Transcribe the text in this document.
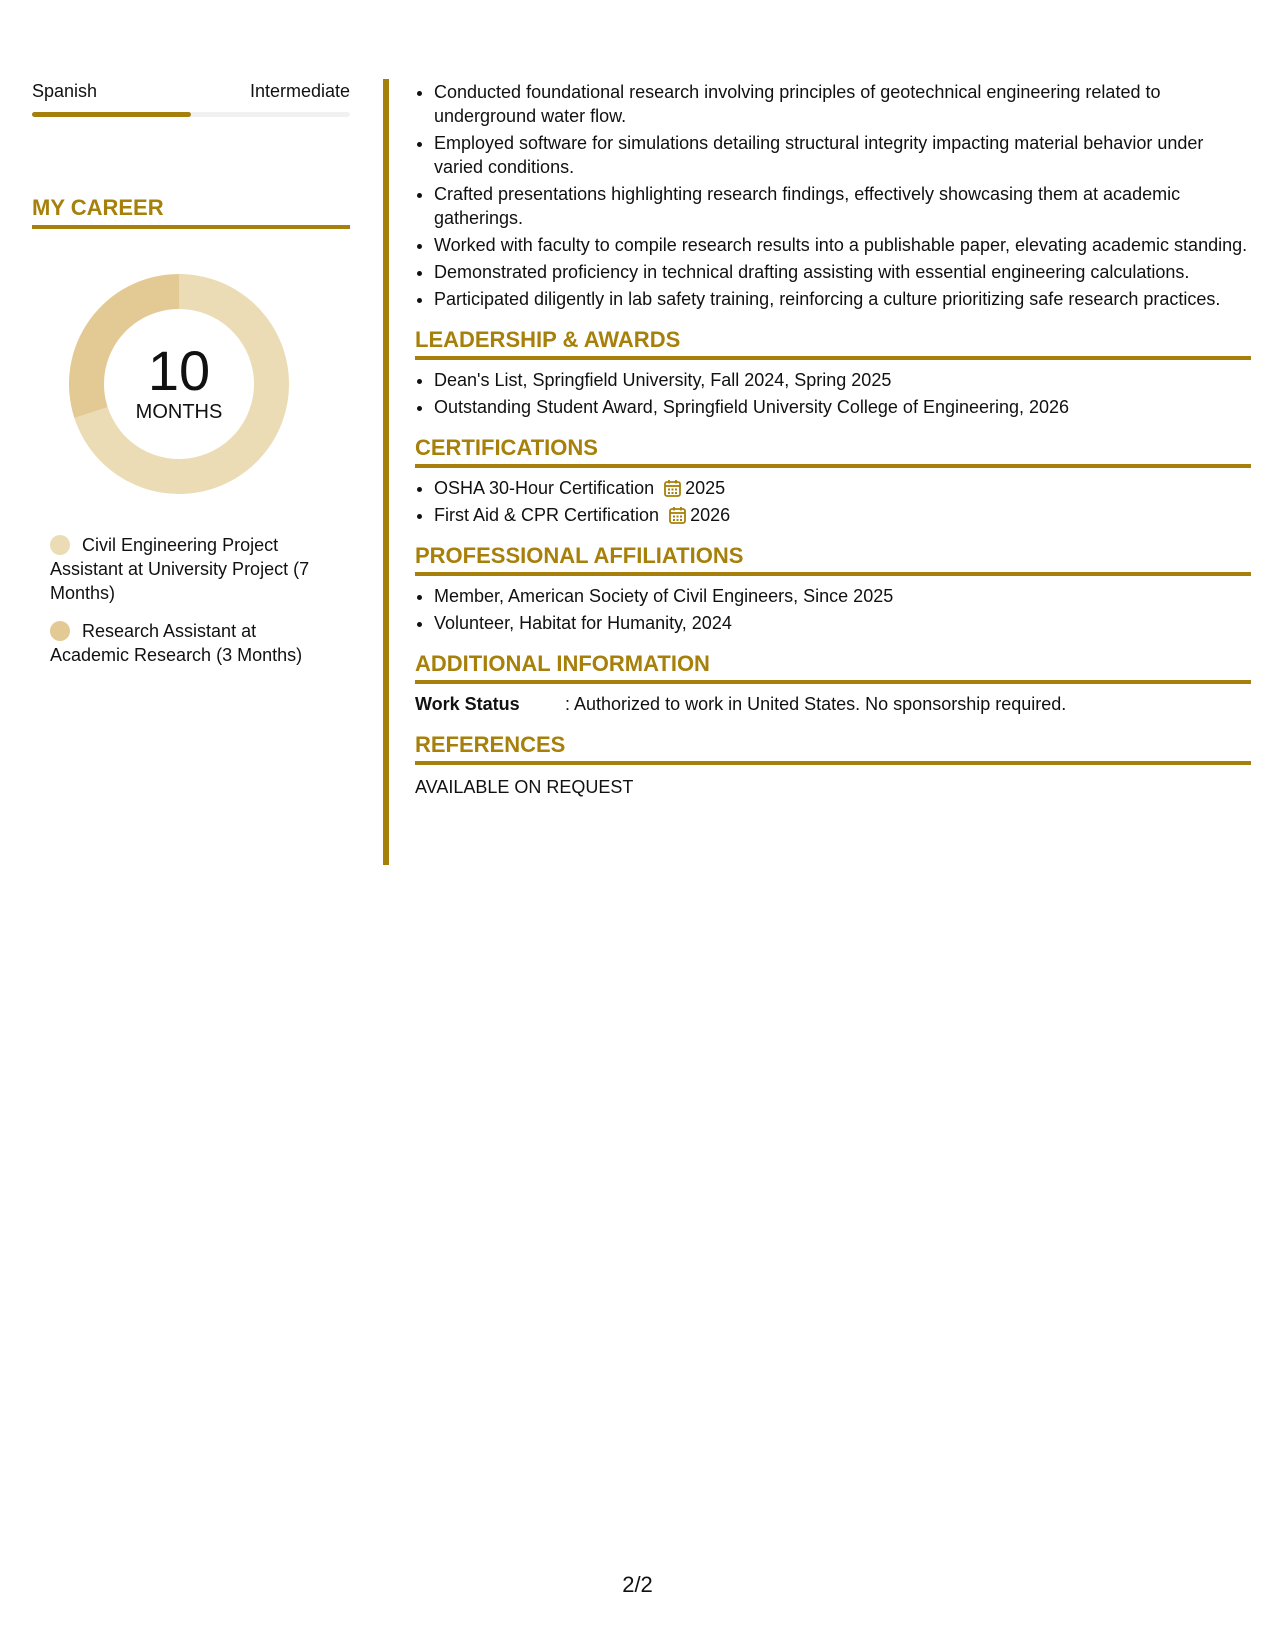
Spanish	Intermediate
MY CAREER
10
MONTHS
Civil Engineering Project Assistant at University Project (7 Months)
Research Assistant at Academic Research (3 Months)
• Conducted foundational research involving principles of geotechnical engineering related to underground water flow.
• Employed software for simulations detailing structural integrity impacting material behavior under varied conditions.
• Crafted presentations highlighting research findings, effectively showcasing them at academic gatherings.
• Worked with faculty to compile research results into a publishable paper, elevating academic standing.
• Demonstrated proficiency in technical drafting assisting with essential engineering calculations.
• Participated diligently in lab safety training, reinforcing a culture prioritizing safe research practices.
LEADERSHIP & AWARDS
• Dean's List, Springfield University, Fall 2024, Spring 2025
• Outstanding Student Award, Springfield University College of Engineering, 2026
CERTIFICATIONS
• OSHA 30-Hour Certification 2025
• First Aid & CPR Certification 2026
PROFESSIONAL AFFILIATIONS
• Member, American Society of Civil Engineers, Since 2025
• Volunteer, Habitat for Humanity, 2024
ADDITIONAL INFORMATION
Work Status	: Authorized to work in United States. No sponsorship required.
REFERENCES
AVAILABLE ON REQUEST
2/2
